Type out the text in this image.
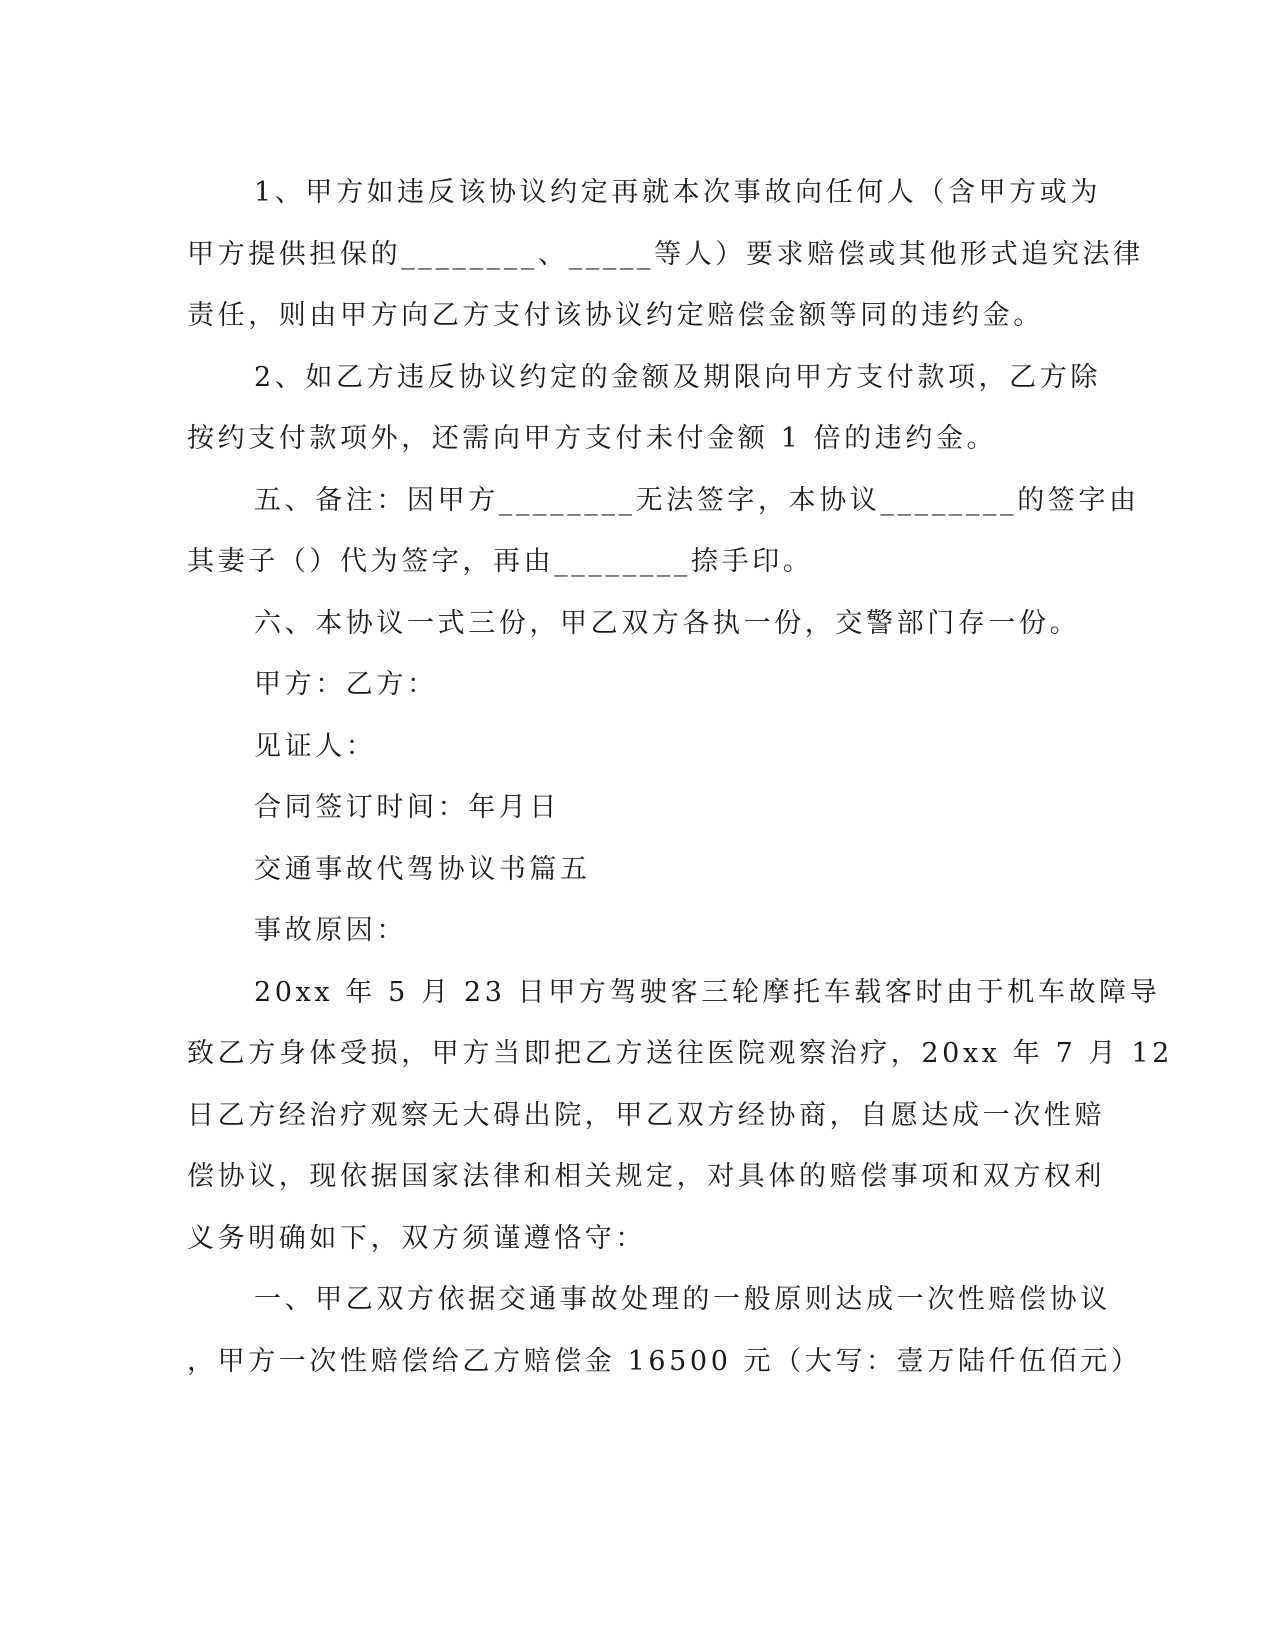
1、甲方如违反该协议约定再就本次事故向任何人（含甲方或为
甲方提供担保的________、_____等人）要求赔偿或其他形式追究法律
责任，则由甲方向乙方支付该协议约定赔偿金额等同的违约金。

2、如乙方违反协议约定的金额及期限向甲方支付款项，乙方除
按约支付款项外，还需向甲方支付未付金额 1 倍的违约金。

五、备注：因甲方________无法签字，本协议________的签字由
其妻子（）代为签字，再由________捺手印。

六、本协议一式三份，甲乙双方各执一份，交警部门存一份。

甲方：乙方：

见证人：

合同签订时间：年月日

交通事故代驾协议书篇五

事故原因：

20xx 年 5 月 23 日甲方驾驶客三轮摩托车载客时由于机车故障导
致乙方身体受损，甲方当即把乙方送往医院观察治疗，20xx 年 7 月 12
日乙方经治疗观察无大碍出院，甲乙双方经协商，自愿达成一次性赔
偿协议，现依据国家法律和相关规定，对具体的赔偿事项和双方权利
义务明确如下，双方须谨遵恪守：

一、甲乙双方依据交通事故处理的一般原则达成一次性赔偿协议
，甲方一次性赔偿给乙方赔偿金 16500 元（大写：壹万陆仟伍佰元）
